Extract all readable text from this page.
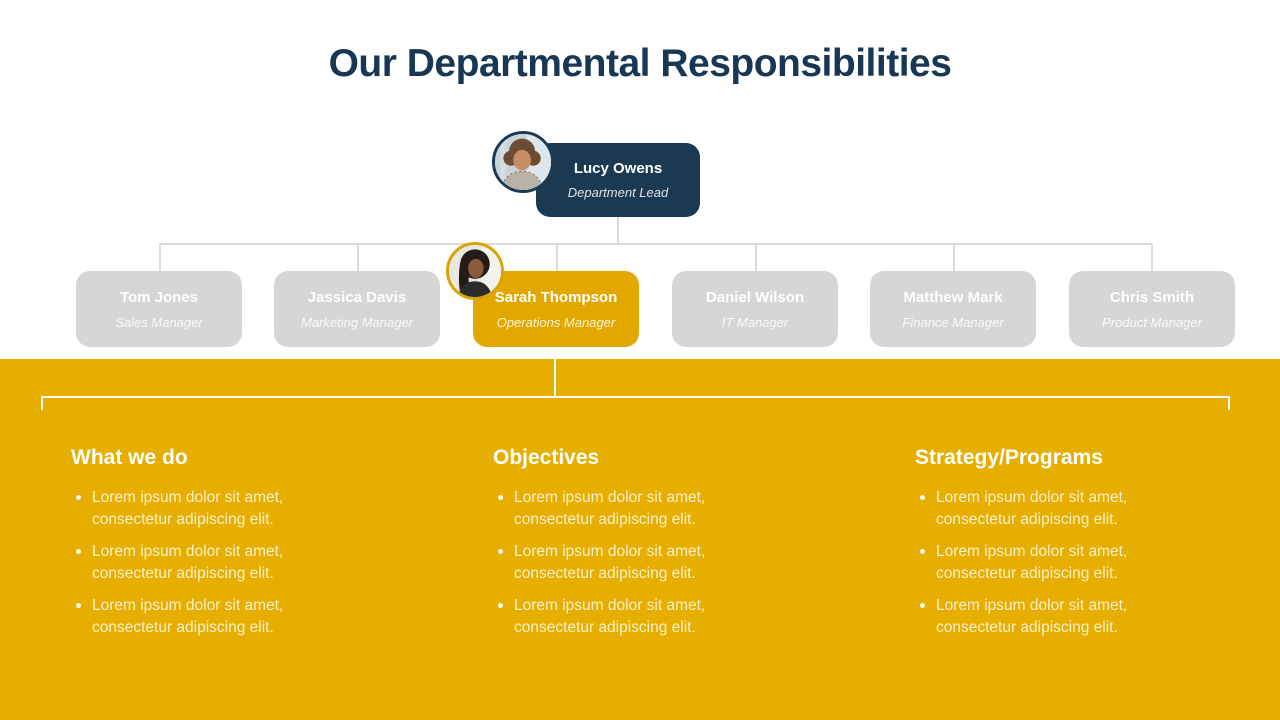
Our Departmental Responsibilities
Lucy Owens
Department Lead
Tom Jones
Sales Manager
Jassica Davis
Marketing Manager
Sarah Thompson
Operations Manager
Daniel Wilson
IT Manager
Matthew Mark
Finance Manager
Chris Smith
Product Manager
What we do
Lorem ipsum dolor sit amet, consectetur adipiscing elit.
Lorem ipsum dolor sit amet, consectetur adipiscing elit.
Lorem ipsum dolor sit amet, consectetur adipiscing elit.
Objectives
Lorem ipsum dolor sit amet, consectetur adipiscing elit.
Lorem ipsum dolor sit amet, consectetur adipiscing elit.
Lorem ipsum dolor sit amet, consectetur adipiscing elit.
Strategy/Programs
Lorem ipsum dolor sit amet, consectetur adipiscing elit.
Lorem ipsum dolor sit amet, consectetur adipiscing elit.
Lorem ipsum dolor sit amet, consectetur adipiscing elit.
